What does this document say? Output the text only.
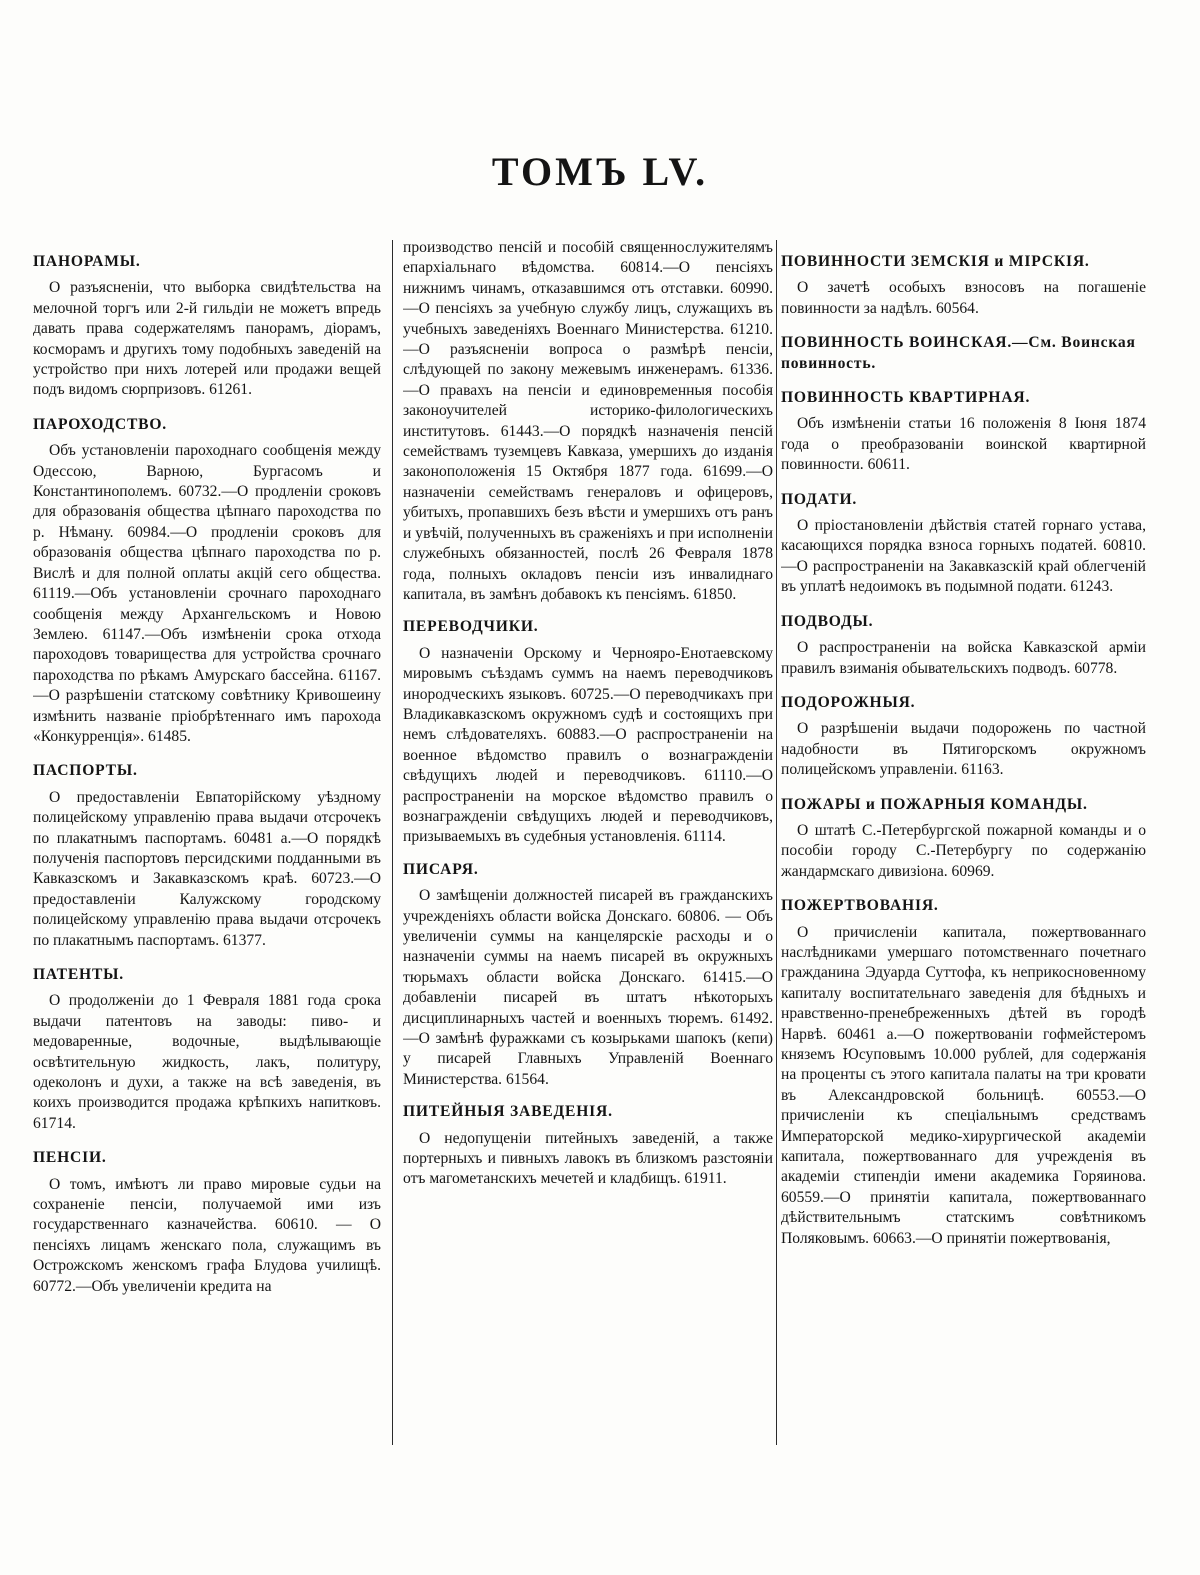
ТОМЪ LV.
ПАНОРАМЫ.

О разъясненіи, что выборка свидѣтельства на мелочной торгъ или 2-й гильдіи не можетъ впредь давать права содержателямъ панорамъ, діорамъ, косморамъ и другихъ тому подобныхъ заведеній на устройство при нихъ лотерей или продажи вещей подъ видомъ сюрпризовъ. 61261.

ПАРОХОДСТВО.

Объ установленіи пароходнаго сообщенія между Одессою, Варною, Бургасомъ и Константинополемъ. 60732.—О продленіи сроковъ для образованія общества цѣпнаго пароходства по р. Нѣману. 60984.—О продленіи сроковъ для образованія общества цѣпнаго пароходства по р. Вислѣ и для полной оплаты акцій сего общества. 61119.—Объ установленіи срочнаго пароходнаго сообщенія между Архангельскомъ и Новою Землею. 61147.—Объ измѣненіи срока отхода пароходовъ товарищества для устройства срочнаго пароходства по рѣкамъ Амурскаго бассейна. 61167.—О разрѣшеніи статскому совѣтнику Кривошеину измѣнить названіе пріобрѣтеннаго имъ парохода «Конкурренція». 61485.

ПАСПОРТЫ.

О предоставленіи Евпаторійскому уѣздному полицейскому управленію права выдачи отсрочекъ по плакатнымъ паспортамъ. 60481 а.—О порядкѣ полученія паспортовъ персидскими подданными въ Кавказскомъ и Закавказскомъ краѣ. 60723.—О предоставленіи Калужскому городскому полицейскому управленію права выдачи отсрочекъ по плакатнымъ паспортамъ. 61377.

ПАТЕНТЫ.

О продолженіи до 1 Февраля 1881 года срока выдачи патентовъ на заводы: пиво- и медоваренные, водочные, выдѣлывающіе освѣтительную жидкость, лакъ, политуру, одеколонъ и духи, а также на всѣ заведенія, въ коихъ производится продажа крѣпкихъ напитковъ. 61714.

ПЕНСІИ.

О томъ, имѣютъ ли право мировые судьи на сохраненіе пенсіи, получаемой ими изъ государственнаго казначейства. 60610. — О пенсіяхъ лицамъ женскаго пола, служащимъ въ Острожскомъ женскомъ графа Блудова училищѣ. 60772.—Объ увеличеніи кредита на

производство пенсій и пособій священнослужителямъ епархіальнаго вѣдомства. 60814.—О пенсіяхъ нижнимъ чинамъ, отказавшимся отъ отставки. 60990.—О пенсіяхъ за учебную службу лицъ, служащихъ въ учебныхъ заведеніяхъ Военнаго Министерства. 61210.—О разъясненіи вопроса о размѣрѣ пенсіи, слѣдующей по закону межевымъ инженерамъ. 61336.—О правахъ на пенсіи и единовременныя пособія законоучителей историко-филологическихъ институтовъ. 61443.—О порядкѣ назначенія пенсій семействамъ туземцевъ Кавказа, умершихъ до изданія законоположенія 15 Октября 1877 года. 61699.—О назначеніи семействамъ генераловъ и офицеровъ, убитыхъ, пропавшихъ безъ вѣсти и умершихъ отъ ранъ и увѣчій, полученныхъ въ сраженіяхъ и при исполненіи служебныхъ обязанностей, послѣ 26 Февраля 1878 года, полныхъ окладовъ пенсіи изъ инвалиднаго капитала, въ замѣнъ добавокъ къ пенсіямъ. 61850.

ПЕРЕВОДЧИКИ.

О назначеніи Орскому и Чернояро-Енотаевскому мировымъ съѣздамъ суммъ на наемъ переводчиковъ инородческихъ языковъ. 60725.—О переводчикахъ при Владикавказскомъ окружномъ судѣ и состоящихъ при немъ слѣдователяхъ. 60883.—О распространеніи на военное вѣдомство правилъ о вознагражденіи свѣдущихъ людей и переводчиковъ. 61110.—О распространеніи на морское вѣдомство правилъ о вознагражденіи свѣдущихъ людей и переводчиковъ, призываемыхъ въ судебныя установленія. 61114.

ПИСАРЯ.

О замѣщеніи должностей писарей въ гражданскихъ учрежденіяхъ области войска Донскаго. 60806. — Объ увеличеніи суммы на канцелярскіе расходы и о назначеніи суммы на наемъ писарей въ окружныхъ тюрьмахъ области войска Донскаго. 61415.—О добавленіи писарей въ штатъ нѣкоторыхъ дисциплинарныхъ частей и военныхъ тюремъ. 61492.—О замѣнѣ фуражками съ козырьками шапокъ (кепи) у писарей Главныхъ Управленій Военнаго Министерства. 61564.

ПИТЕЙНЫЯ ЗАВЕДЕНІЯ.

О недопущеніи питейныхъ заведеній, а также портерныхъ и пивныхъ лавокъ въ близкомъ разстояніи отъ магометанскихъ мечетей и кладбищъ. 61911.

ПОВИННОСТИ ЗЕМСКІЯ и МІРСКІЯ.

О зачетѣ особыхъ взносовъ на погашеніе повинности за надѣлъ. 60564.

ПОВИННОСТЬ ВОИНСКАЯ.—См. Воинская повинность.
ПОВИННОСТЬ КВАРТИРНАЯ.

Объ измѣненіи статьи 16 положенія 8 Іюня 1874 года о преобразованіи воинской квартирной повинности. 60611.

ПОДАТИ.

О пріостановленіи дѣйствія статей горнаго устава, касающихся порядка взноса горныхъ податей. 60810.—О распространеніи на Закавказскій край облегченій въ уплатѣ недоимокъ въ подымной подати. 61243.

ПОДВОДЫ.

О распространеніи на войска Кавказской арміи правилъ взиманія обывательскихъ подводъ. 60778.

ПОДОРОЖНЫЯ.

О разрѣшеніи выдачи подорожень по частной надобности въ Пятигорскомъ окружномъ полицейскомъ управленіи. 61163.

ПОЖАРЫ и ПОЖАРНЫЯ КОМАНДЫ.

О штатѣ С.-Петербургской пожарной команды и о пособіи городу С.-Петербургу по содержанію жандармскаго дивизіона. 60969.

ПОЖЕРТВОВАНІЯ.

О причисленіи капитала, пожертвованнаго наслѣдниками умершаго потомственнаго почетнаго гражданина Эдуарда Суттофа, къ неприкосновенному капиталу воспитательнаго заведенія для бѣдныхъ и нравственно-пренебреженныхъ дѣтей въ городѣ Нарвѣ. 60461 а.—О пожертвованіи гофмейстеромъ княземъ Юсуповымъ 10.000 рублей, для содержанія на проценты съ этого капитала палаты на три кровати въ Александровской больницѣ. 60553.—О причисленіи къ спеціальнымъ средствамъ Императорской медико-хирургической академіи капитала, пожертвованнаго для учрежденія въ академіи стипендіи имени академика Горяинова. 60559.—О принятіи капитала, пожертвованнаго дѣйствительнымъ статскимъ совѣтникомъ Поляковымъ. 60663.—О принятіи пожертвованія,
